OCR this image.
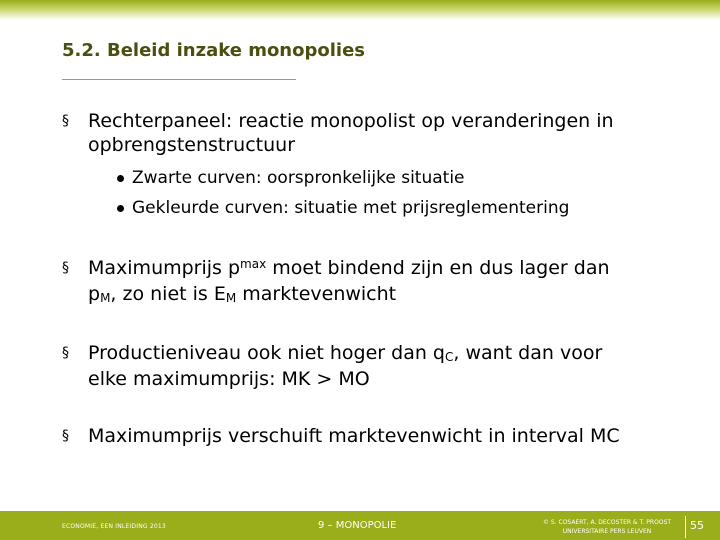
5.2. Beleid inzake monopolies
§ Rechterpaneel: reactie monopolist op veranderingen in
opbrengstenstructuur
Zwarte curven: oorspronkelijke situatie
Gekleurde curven: situatie met prijsreglementering
§ Maximumprijs $p^{max}$ moet bindend zijn en dus lager dan
$p_M$, zo niet is $E_M$ marktevenwicht
§ Productieniveau ook niet hoger dan $q_C$, want dan voor
elke maximumprijs: MK > MO
§ Maximumprijs verschuift marktevenwicht in interval MC
ECONOMIE, EEN INLEIDING 2013	9 – MONOPOLIE	© S. COSAERT, A. DECOSTER & T. PROOST
UNIVERSITAIRE PERS LEUVEN	55
